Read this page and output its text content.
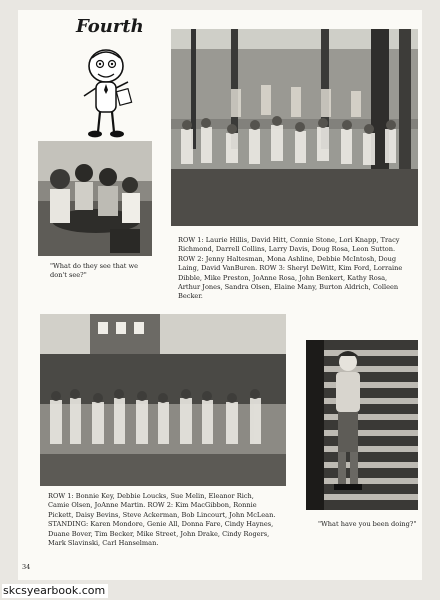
Fourth
"What do they see that we
don't see?"
ROW 1: Laurie Hillis, David Hitt, Connie Stone, Lori Knapp, Tracy
Richmond, Darrell Collins, Larry Davis, Doug Rosa, Leon Sutton.
ROW 2: Jenny Haltesman, Mona Ashline, Debbie McIntosh, Doug
Laing, David VanBuren. ROW 3: Sheryl DeWitt, Kim Ford, Lorraine
Dibble, Mike Preston, JoAnne Rosa, John Benkert, Kathy Rosa,
Arthur Jones, Sandra Olsen, Elaine Many, Burton Aldrich, Colleen
Becker.
ROW 1: Bonnie Key, Debbie Loucks, Sue Melin, Eleanor Rich,
Camie Olsen, JoAnne Martin. ROW 2: Kim MacGibbon, Ronnie
Pickett, Daisy Bevins, Steve Ackerman, Bob Lincourt, John McLean.
STANDING: Karen Mondore, Genie All, Donna Fare, Cindy Haynes,
Duane Bover, Tim Becker, Mike Street, John Drake, Cindy Rogers,
Mark Slavinski, Carl Hanselman.
"What have you been doing?"
34
skcsyearbook.com
